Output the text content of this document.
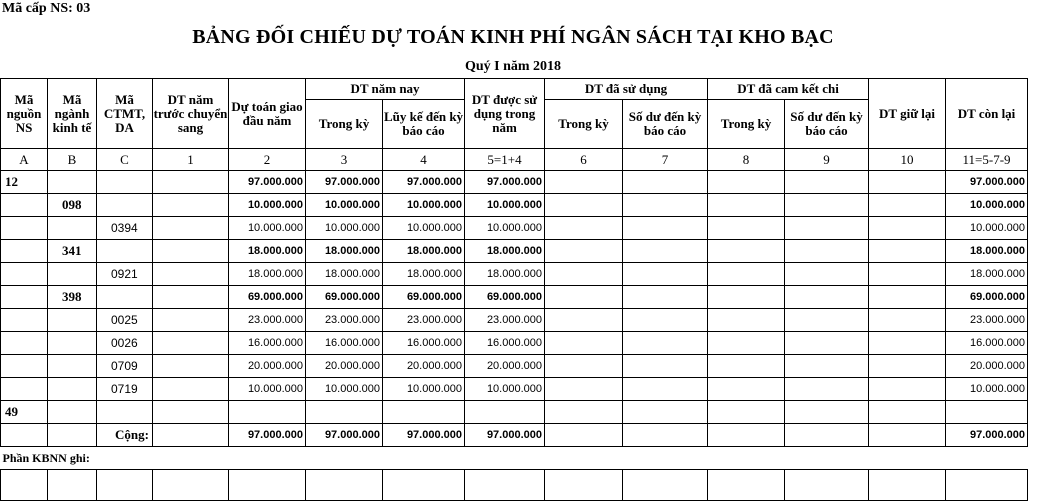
Mã cấp NS: 03
BẢNG ĐỐI CHIẾU DỰ TOÁN KINH PHÍ NGÂN SÁCH TẠI KHO BẠC
Quý I năm 2018
Mã nguồn NS	Mã ngành kinh tế	Mã CTMT, DA	DT năm trước chuyển sang	Dự toán giao đầu năm	DT năm nay		DT được sử dụng trong năm	DT đã sử dụng		DT đã cam kết chi		DT giữ lại	DT còn lại
					Trong kỳ	Lũy kế đến kỳ báo cáo		Trong kỳ	Số dư đến kỳ báo cáo	Trong kỳ	Số dư đến kỳ báo cáo		
A	B	C	1	2	3	4	5=1+4	6	7	8	9	10	11=5-7-9
12				97.000.000	97.000.000	97.000.000	97.000.000						97.000.000
	098			10.000.000	10.000.000	10.000.000	10.000.000						10.000.000
		0394		10.000.000	10.000.000	10.000.000	10.000.000						10.000.000
	341			18.000.000	18.000.000	18.000.000	18.000.000						18.000.000
		0921		18.000.000	18.000.000	18.000.000	18.000.000						18.000.000
	398			69.000.000	69.000.000	69.000.000	69.000.000						69.000.000
		0025		23.000.000	23.000.000	23.000.000	23.000.000						23.000.000
		0026		16.000.000	16.000.000	16.000.000	16.000.000						16.000.000
		0709		20.000.000	20.000.000	20.000.000	20.000.000						20.000.000
		0719		10.000.000	10.000.000	10.000.000	10.000.000						10.000.000
49													
		Cộng:		97.000.000	97.000.000	97.000.000	97.000.000						97.000.000
Phần KBNN ghi:													
